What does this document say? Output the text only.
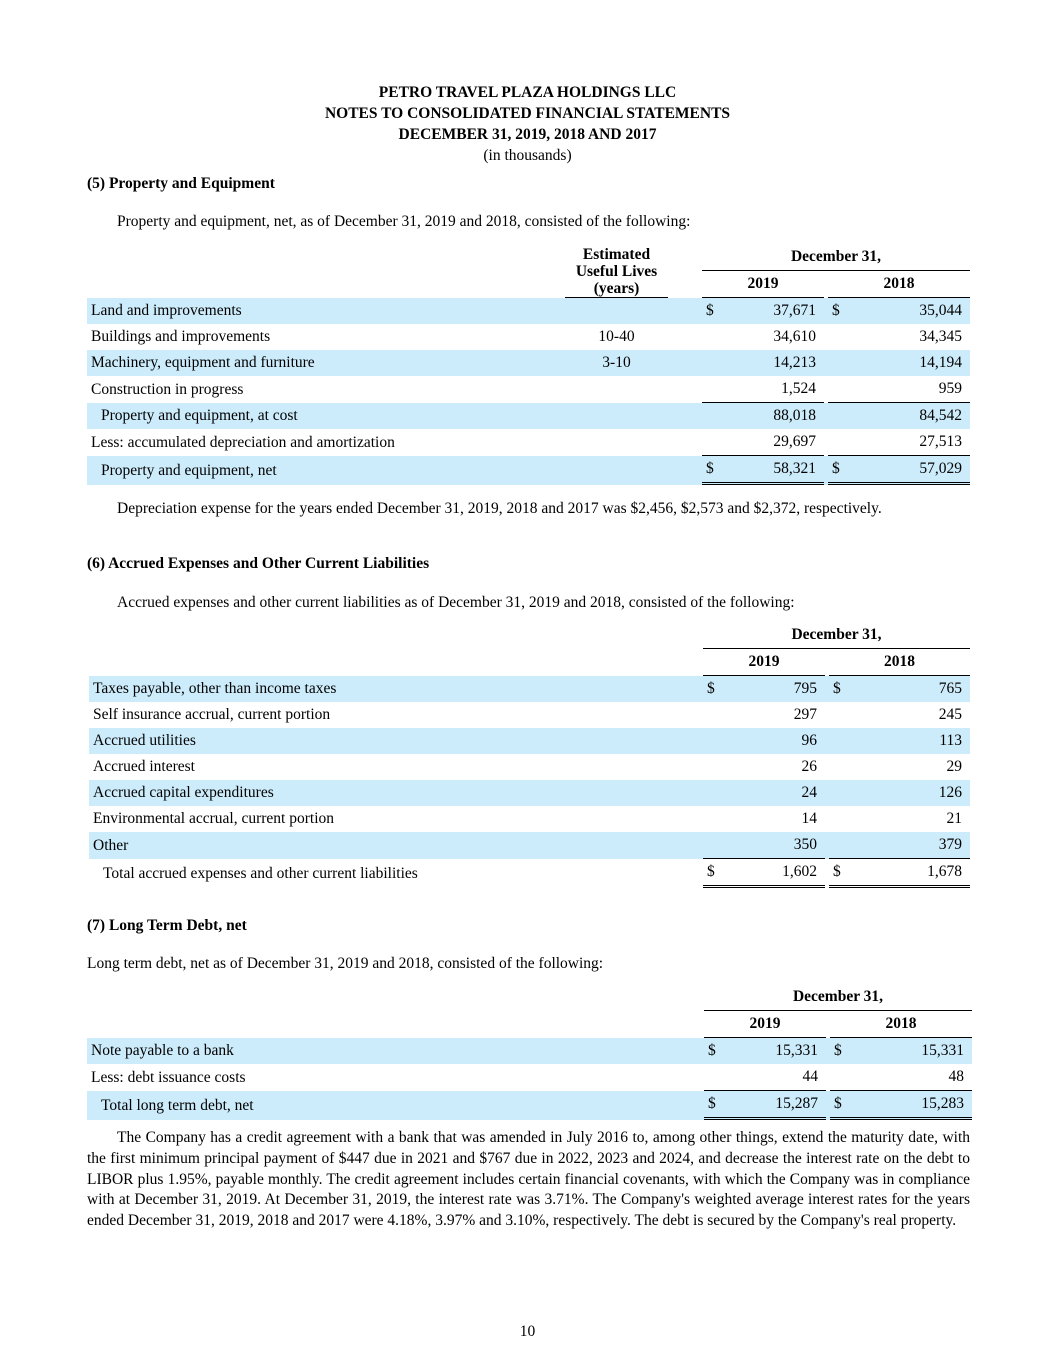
PETRO TRAVEL PLAZA HOLDINGS LLC
NOTES TO CONSOLIDATED FINANCIAL STATEMENTS
DECEMBER 31, 2019, 2018 AND 2017
(in thousands)
(5) Property and Equipment
Property and equipment, net, as of December 31, 2019 and 2018, consisted of the following:

	Estimated
Useful Lives
(years)		December 31,				
			2019			2018	
Land and improvements			$	37,671		$	35,044
Buildings and improvements	10-40			34,610			34,345
Machinery, equipment and furniture	3-10			14,213			14,194
Construction in progress				1,524			959
Property and equipment, at cost				88,018			84,542
Less: accumulated depreciation and amortization				29,697			27,513
Property and equipment, net			$	58,321		$	57,029
Depreciation expense for the years ended December 31, 2019, 2018 and 2017 was $2,456, $2,573 and $2,372, respectively.
(6) Accrued Expenses and Other Current Liabilities
Accrued expenses and other current liabilities as of December 31, 2019 and 2018, consisted of the following:
	December 31,				
	2019			2018	
Taxes payable, other than income taxes	$	795		$	765
Self insurance accrual, current portion		297			245
Accrued utilities		96			113
Accrued interest		26			29
Accrued capital expenditures		24			126
Environmental accrual, current portion		14			21
Other		350			379
Total accrued expenses and other current liabilities	$	1,602		$	1,678
(7) Long Term Debt, net
Long term debt, net as of December 31, 2019 and 2018, consisted of the following:
	December 31,				
	2019			2018	
Note payable to a bank	$	15,331		$	15,331
Less: debt issuance costs		44			48
Total long term debt, net	$	15,287		$	15,283
The Company has a credit agreement with a bank that was amended in July 2016 to, among other things, extend the maturity date, with the first minimum principal payment of $447 due in 2021 and $767 due in 2022, 2023 and 2024, and decrease the interest rate on the debt to LIBOR plus 1.95%, payable monthly. The credit agreement includes certain financial covenants, with which the Company was in compliance with at December 31, 2019. At December 31, 2019, the interest rate was 3.71%. The Company's weighted average interest rates for the years ended December 31, 2019, 2018 and 2017 were 4.18%, 3.97% and 3.10%, respectively. The debt is secured by the Company's real property.
10
